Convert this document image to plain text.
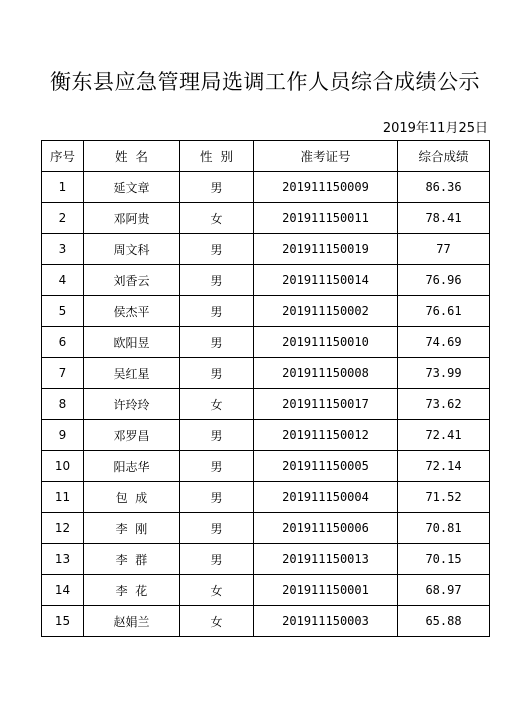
衡东县应急管理局选调工作人员综合成绩公示
2019年11月25日
序号	姓  名	性  别	准考证号	综合成绩
1	延文章	男	201911150009	86.36
2	邓阿贵	女	201911150011	78.41
3	周文科	男	201911150019	77
4	刘香云	男	201911150014	76.96
5	侯杰平	男	201911150002	76.61
6	欧阳昱	男	201911150010	74.69
7	吴红星	男	201911150008	73.99
8	许玲玲	女	201911150017	73.62
9	邓罗昌	男	201911150012	72.41
10	阳志华	男	201911150005	72.14
11	包  成	男	201911150004	71.52
12	李  刚	男	201911150006	70.81
13	李  群	男	201911150013	70.15
14	李  花	女	201911150001	68.97
15	赵娟兰	女	201911150003	65.88
